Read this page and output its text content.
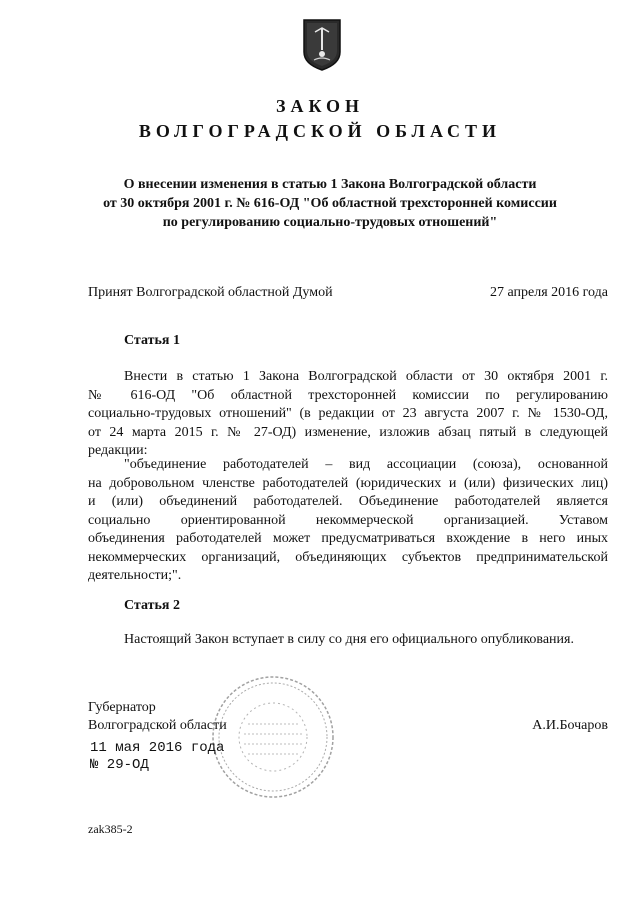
ЗАКОН
ВОЛГОГРАДСКОЙ ОБЛАСТИ
О внесении изменения в статью 1 Закона Волгоградской области
от 30 октября 2001 г. № 616-ОД "Об областной трехсторонней комиссии
по регулированию социально-трудовых отношений"
Принят Волгоградской областной Думой	27 апреля 2016 года
Статья 1
Внести в статью 1 Закона Волгоградской области от 30 октября 2001 г.
№ 616-ОД "Об областной трехсторонней комиссии по регулированию
социально-трудовых отношений" (в редакции от 23 августа 2007 г. № 1530-ОД,
от 24 марта 2015 г. № 27-ОД) изменение, изложив абзац пятый в следующей
редакции:
"объединение работодателей – вид ассоциации (союза), основанной
на добровольном членстве работодателей (юридических и (или) физических лиц)
и (или) объединений работодателей. Объединение работодателей является
социально ориентированной некоммерческой организацией. Уставом
объединения работодателей может предусматриваться вхождение в него иных
некоммерческих организаций, объединяющих субъектов предпринимательской
деятельности;".
Статья 2
Настоящий Закон вступает в силу со дня его официального опубликования.
Губернатор
Волгоградской области	А.И.Бочаров
11 мая 2016 года
№ 29-ОД
zak385-2
